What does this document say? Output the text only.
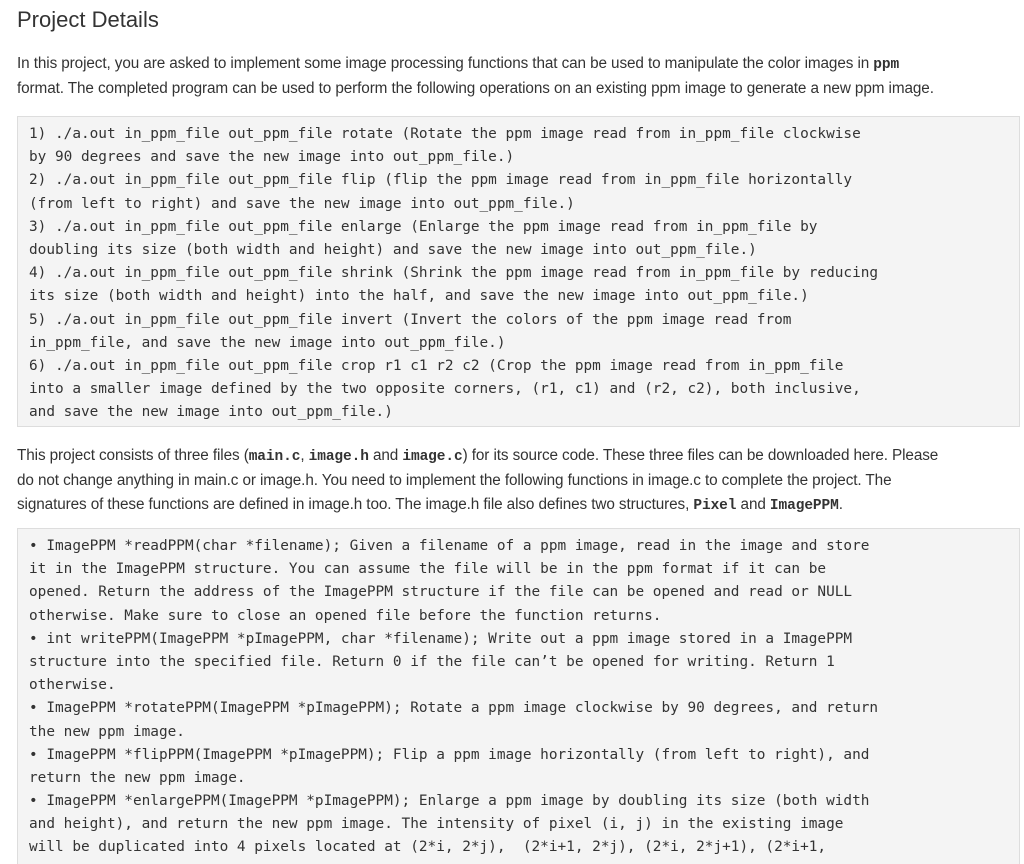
Project Details

In this project, you are asked to implement some image processing functions that can be used to manipulate the color images in ppm
format. The completed program can be used to perform the following operations on an existing ppm image to generate a new ppm image.

1) ./a.out in_ppm_file out_ppm_file rotate (Rotate the ppm image read from in_ppm_file clockwise
by 90 degrees and save the new image into out_ppm_file.)
2) ./a.out in_ppm_file out_ppm_file flip (flip the ppm image read from in_ppm_file horizontally
(from left to right) and save the new image into out_ppm_file.)
3) ./a.out in_ppm_file out_ppm_file enlarge (Enlarge the ppm image read from in_ppm_file by
doubling its size (both width and height) and save the new image into out_ppm_file.)
4) ./a.out in_ppm_file out_ppm_file shrink (Shrink the ppm image read from in_ppm_file by reducing
its size (both width and height) into the half, and save the new image into out_ppm_file.)
5) ./a.out in_ppm_file out_ppm_file invert (Invert the colors of the ppm image read from
in_ppm_file, and save the new image into out_ppm_file.)
6) ./a.out in_ppm_file out_ppm_file crop r1 c1 r2 c2 (Crop the ppm image read from in_ppm_file
into a smaller image defined by the two opposite corners, (r1, c1) and (r2, c2), both inclusive,
and save the new image into out_ppm_file.)

This project consists of three files (main.c, image.h and image.c) for its source code. These three files can be downloaded here. Please
do not change anything in main.c or image.h. You need to implement the following functions in image.c to complete the project. The
signatures of these functions are defined in image.h too. The image.h file also defines two structures, Pixel and ImagePPM.

• ImagePPM *readPPM(char *filename); Given a filename of a ppm image, read in the image and store
it in the ImagePPM structure. You can assume the file will be in the ppm format if it can be
opened. Return the address of the ImagePPM structure if the file can be opened and read or NULL
otherwise. Make sure to close an opened file before the function returns.
• int writePPM(ImagePPM *pImagePPM, char *filename); Write out a ppm image stored in a ImagePPM
structure into the specified file. Return 0 if the file can’t be opened for writing. Return 1
otherwise.
• ImagePPM *rotatePPM(ImagePPM *pImagePPM); Rotate a ppm image clockwise by 90 degrees, and return
the new ppm image.
• ImagePPM *flipPPM(ImagePPM *pImagePPM); Flip a ppm image horizontally (from left to right), and
return the new ppm image.
• ImagePPM *enlargePPM(ImagePPM *pImagePPM); Enlarge a ppm image by doubling its size (both width
and height), and return the new ppm image. The intensity of pixel (i, j) in the existing image
will be duplicated into 4 pixels located at (2*i, 2*j),  (2*i+1, 2*j), (2*i, 2*j+1), (2*i+1,
